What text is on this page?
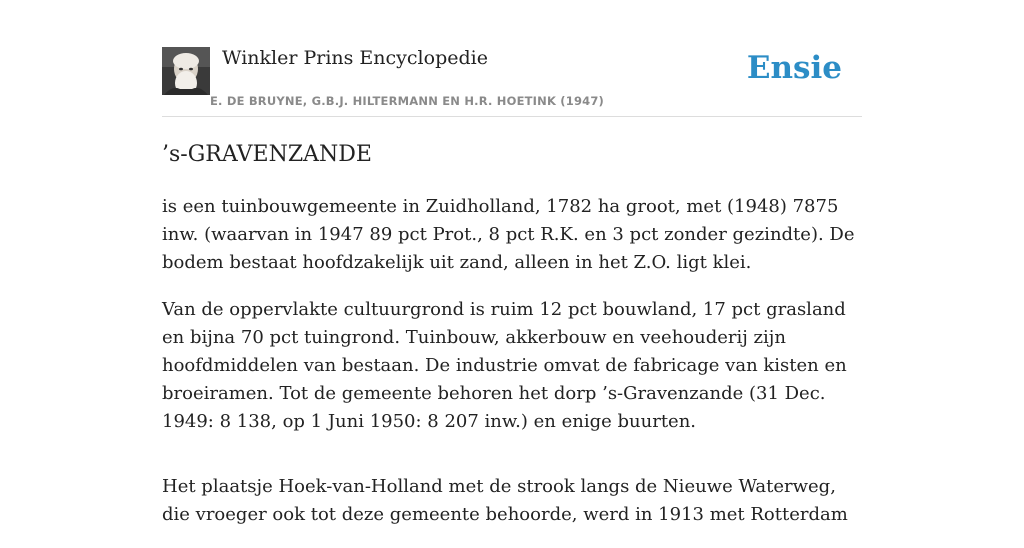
Winkler Prins Encyclopedie
E. DE BRUYNE, G.B.J. HILTERMANN EN H.R. HOETINK (1947)
Ensie
’s-GRAVENZANDE

is een tuinbouwgemeente in Zuidholland, 1782 ha groot, met (1948) 7875 inw. (waarvan in 1947 89 pct Prot., 8 pct R.K. en 3 pct zonder gezindte). De bodem bestaat hoofdzakelijk uit zand, alleen in het Z.O. ligt klei.

Van de oppervlakte cultuurgrond is ruim 12 pct bouwland, 17 pct grasland en bijna 70 pct tuingrond. Tuinbouw, akkerbouw en veehouderij zijn hoofdmiddelen van bestaan. De industrie omvat de fabricage van kisten en broeiramen. Tot de gemeente behoren het dorp ’s-Gravenzande (31 Dec. 1949: 8 138, op 1 Juni 1950: 8 207 inw.) en enige buurten.

Het plaatsje Hoek-van-Holland met de strook langs de Nieuwe Waterweg, die vroeger ook tot deze gemeente behoorde, werd in 1913 met Rotterdam
